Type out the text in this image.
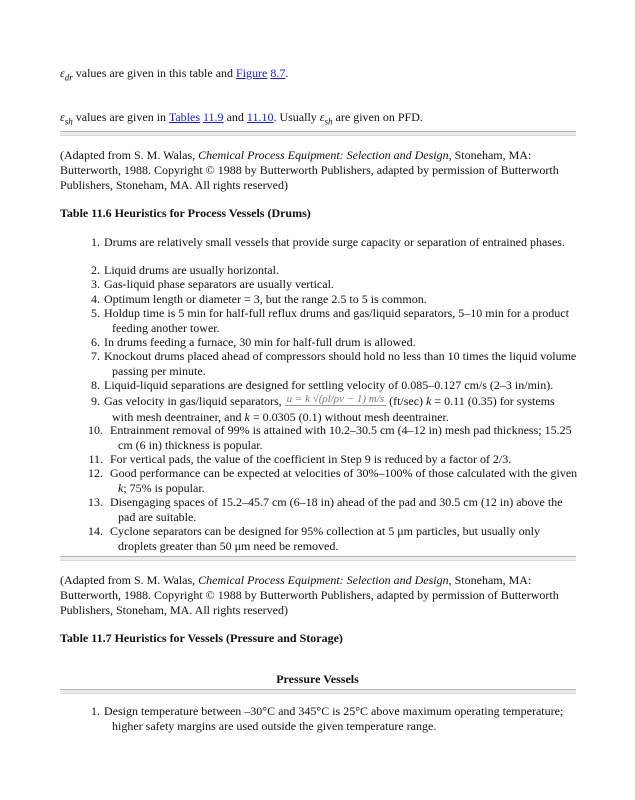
$\varepsilon_{dr}$ values are given in this table and Figure 8.7.
$\varepsilon_{sh}$ values are given in Tables 11.9 and 11.10. Usually $\varepsilon_{sh}$ are given on PFD.
(Adapted from S. M. Walas, Chemical Process Equipment: Selection and Design, Stoneham, MA: Butterworth, 1988. Copyright © 1988 by Butterworth Publishers, adapted by permission of Butterworth Publishers, Stoneham, MA. All rights reserved)
Table 11.6 Heuristics for Process Vessels (Drums)
1. Drums are relatively small vessels that provide surge capacity or separation of entrained phases.
2. Liquid drums are usually horizontal.
3. Gas-liquid phase separators are usually vertical.
4. Optimum length or diameter = 3, but the range 2.5 to 5 is common.
5. Holdup time is 5 min for half-full reflux drums and gas/liquid separators, 5–10 min for a product feeding another tower.
6. In drums feeding a furnace, 30 min for half-full drum is allowed.
7. Knockout drums placed ahead of compressors should hold no less than 10 times the liquid volume passing per minute.
8. Liquid-liquid separations are designed for settling velocity of 0.085–0.127 cm/s (2–3 in/min).
9. Gas velocity in gas/liquid separators, u = k √(ρl/ρv − 1) m/s (ft/sec) k = 0.11 (0.35) for systems with mesh deentrainer, and k = 0.0305 (0.1) without mesh deentrainer.
10. Entrainment removal of 99% is attained with 10.2–30.5 cm (4–12 in) mesh pad thickness; 15.25 cm (6 in) thickness is popular.
11. For vertical pads, the value of the coefficient in Step 9 is reduced by a factor of 2/3.
12. Good performance can be expected at velocities of 30%–100% of those calculated with the given k; 75% is popular.
13. Disengaging spaces of 15.2–45.7 cm (6–18 in) ahead of the pad and 30.5 cm (12 in) above the pad are suitable.
14. Cyclone separators can be designed for 95% collection at 5 μm particles, but usually only droplets greater than 50 μm need be removed.
(Adapted from S. M. Walas, Chemical Process Equipment: Selection and Design, Stoneham, MA: Butterworth, 1988. Copyright © 1988 by Butterworth Publishers, adapted by permission of Butterworth Publishers, Stoneham, MA. All rights reserved)
Table 11.7 Heuristics for Vessels (Pressure and Storage)
Pressure Vessels
1. Design temperature between –30°C and 345°C is 25°C above maximum operating temperature; higher safety margins are used outside the given temperature range.
